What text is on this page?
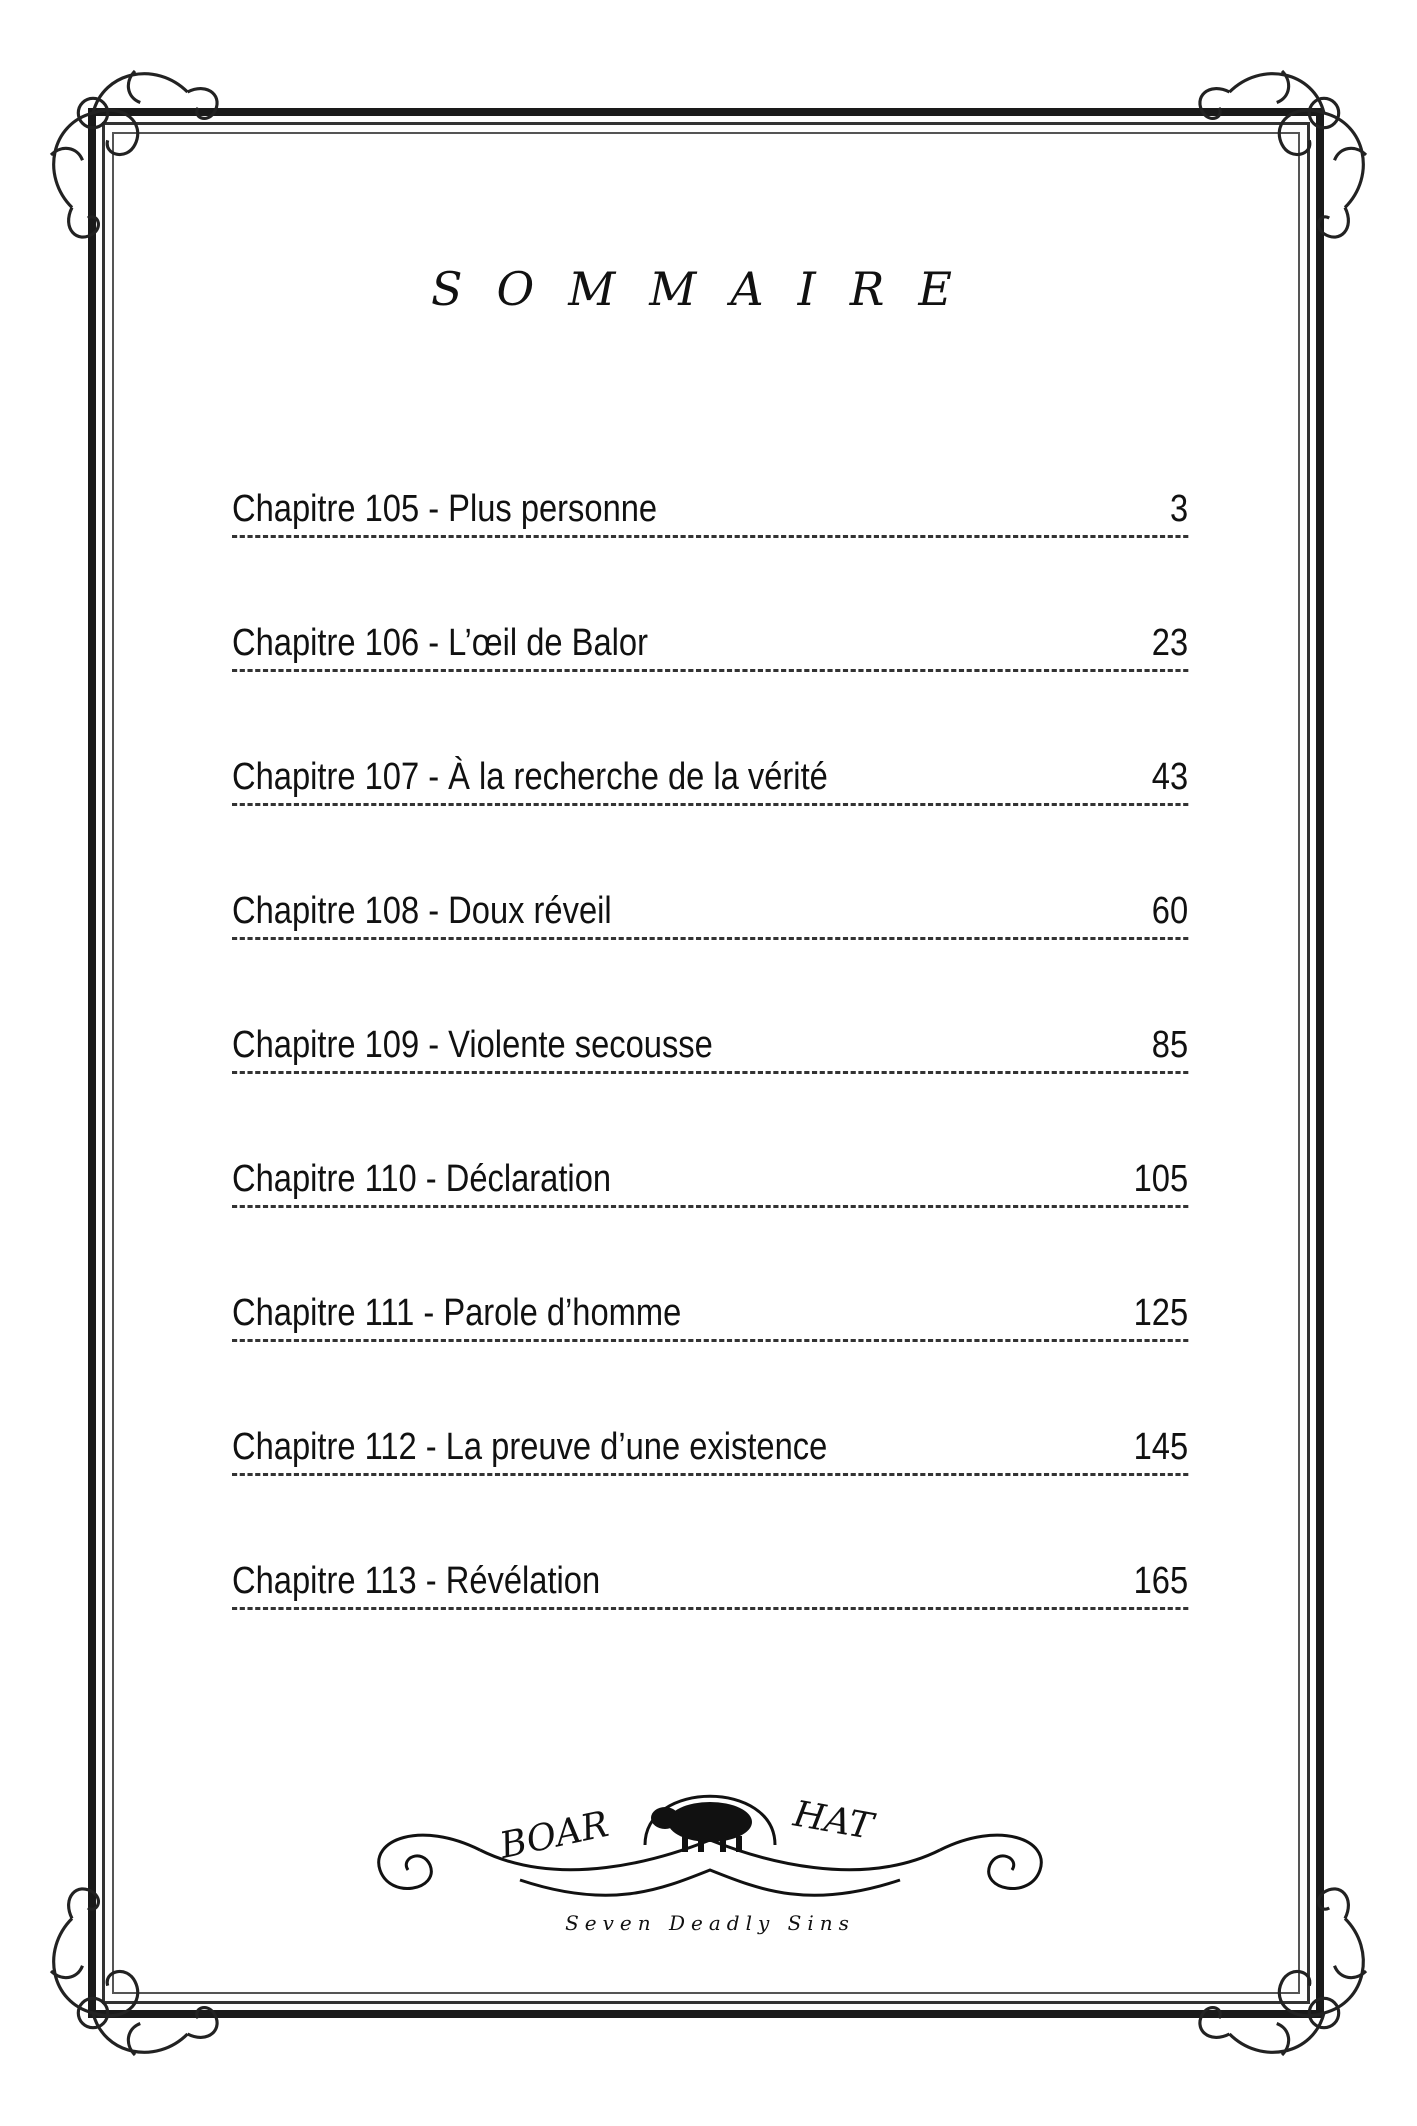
SOMMAIRE
Chapitre 105 - Plus personne	3
Chapitre 106 - L’œil de Balor	23
Chapitre 107 - À la recherche de la vérité	43
Chapitre 108 - Doux réveil	60
Chapitre 109 - Violente secousse	85
Chapitre 110 - Déclaration	105
Chapitre 111 - Parole d’homme	125
Chapitre 112 - La preuve d’une existence	145
Chapitre 113 - Révélation	165
BOAR	HAT
Seven Deadly Sins
